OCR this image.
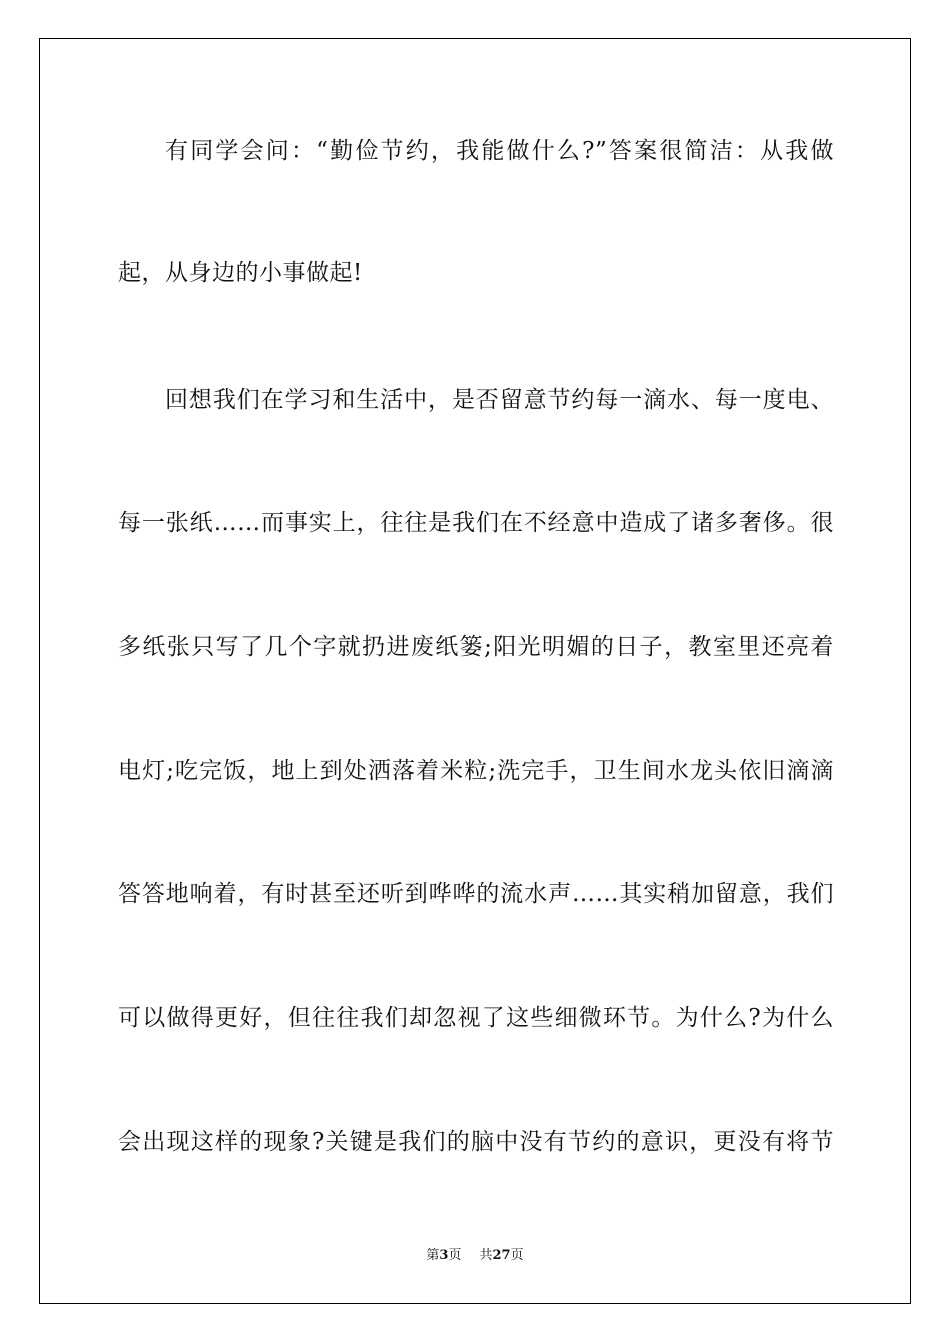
有同学会问：“勤俭节约，我能做什么?”答案很简洁：从我做

起，从身边的小事做起!

回想我们在学习和生活中，是否留意节约每一滴水、每一度电、

每一张纸……而事实上，往往是我们在不经意中造成了诸多奢侈。很

多纸张只写了几个字就扔进废纸篓;阳光明媚的日子，教室里还亮着

电灯;吃完饭，地上到处洒落着米粒;洗完手，卫生间水龙头依旧滴滴

答答地响着，有时甚至还听到哗哗的流水声……其实稍加留意，我们

可以做得更好，但往往我们却忽视了这些细微环节。为什么?为什么

会出现这样的现象?关键是我们的脑中没有节约的意识，更没有将节

第3页 共27页
